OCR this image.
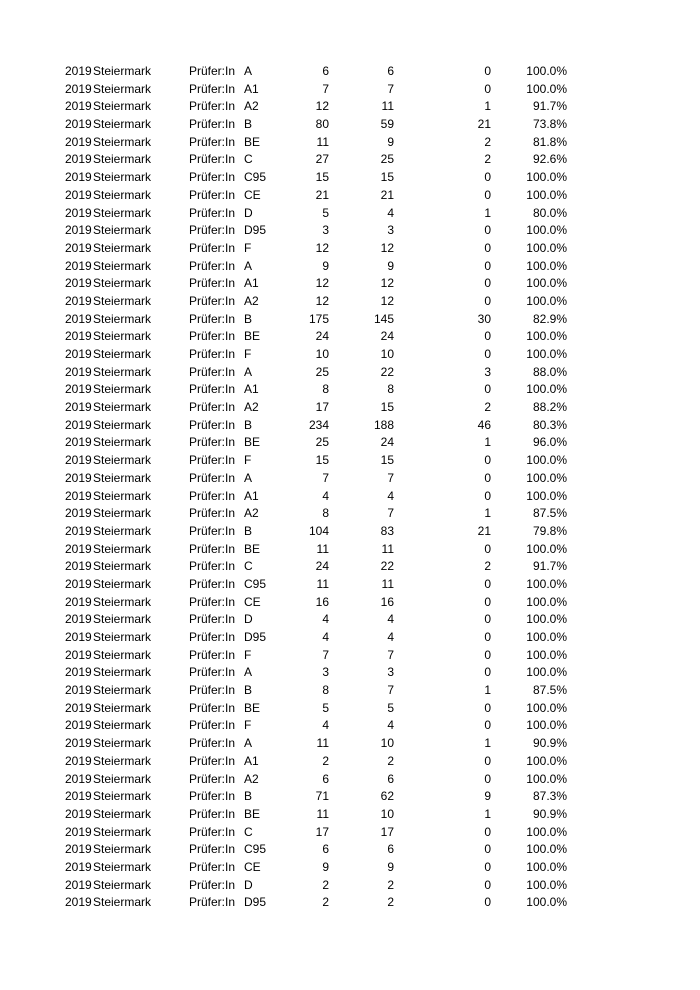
2019 Steiermark	Prüfer:In A	6	6	0	100.0%
2019 Steiermark	Prüfer:In A1	7	7	0	100.0%
2019 Steiermark	Prüfer:In A2	12	11	1	91.7%
2019 Steiermark	Prüfer:In B	80	59	21	73.8%
2019 Steiermark	Prüfer:In BE	11	9	2	81.8%
2019 Steiermark	Prüfer:In C	27	25	2	92.6%
2019 Steiermark	Prüfer:In C95	15	15	0	100.0%
2019 Steiermark	Prüfer:In CE	21	21	0	100.0%
2019 Steiermark	Prüfer:In D	5	4	1	80.0%
2019 Steiermark	Prüfer:In D95	3	3	0	100.0%
2019 Steiermark	Prüfer:In F	12	12	0	100.0%
2019 Steiermark	Prüfer:In A	9	9	0	100.0%
2019 Steiermark	Prüfer:In A1	12	12	0	100.0%
2019 Steiermark	Prüfer:In A2	12	12	0	100.0%
2019 Steiermark	Prüfer:In B	175	145	30	82.9%
2019 Steiermark	Prüfer:In BE	24	24	0	100.0%
2019 Steiermark	Prüfer:In F	10	10	0	100.0%
2019 Steiermark	Prüfer:In A	25	22	3	88.0%
2019 Steiermark	Prüfer:In A1	8	8	0	100.0%
2019 Steiermark	Prüfer:In A2	17	15	2	88.2%
2019 Steiermark	Prüfer:In B	234	188	46	80.3%
2019 Steiermark	Prüfer:In BE	25	24	1	96.0%
2019 Steiermark	Prüfer:In F	15	15	0	100.0%
2019 Steiermark	Prüfer:In A	7	7	0	100.0%
2019 Steiermark	Prüfer:In A1	4	4	0	100.0%
2019 Steiermark	Prüfer:In A2	8	7	1	87.5%
2019 Steiermark	Prüfer:In B	104	83	21	79.8%
2019 Steiermark	Prüfer:In BE	11	11	0	100.0%
2019 Steiermark	Prüfer:In C	24	22	2	91.7%
2019 Steiermark	Prüfer:In C95	11	11	0	100.0%
2019 Steiermark	Prüfer:In CE	16	16	0	100.0%
2019 Steiermark	Prüfer:In D	4	4	0	100.0%
2019 Steiermark	Prüfer:In D95	4	4	0	100.0%
2019 Steiermark	Prüfer:In F	7	7	0	100.0%
2019 Steiermark	Prüfer:In A	3	3	0	100.0%
2019 Steiermark	Prüfer:In B	8	7	1	87.5%
2019 Steiermark	Prüfer:In BE	5	5	0	100.0%
2019 Steiermark	Prüfer:In F	4	4	0	100.0%
2019 Steiermark	Prüfer:In A	11	10	1	90.9%
2019 Steiermark	Prüfer:In A1	2	2	0	100.0%
2019 Steiermark	Prüfer:In A2	6	6	0	100.0%
2019 Steiermark	Prüfer:In B	71	62	9	87.3%
2019 Steiermark	Prüfer:In BE	11	10	1	90.9%
2019 Steiermark	Prüfer:In C	17	17	0	100.0%
2019 Steiermark	Prüfer:In C95	6	6	0	100.0%
2019 Steiermark	Prüfer:In CE	9	9	0	100.0%
2019 Steiermark	Prüfer:In D	2	2	0	100.0%
2019 Steiermark	Prüfer:In D95	2	2	0	100.0%
